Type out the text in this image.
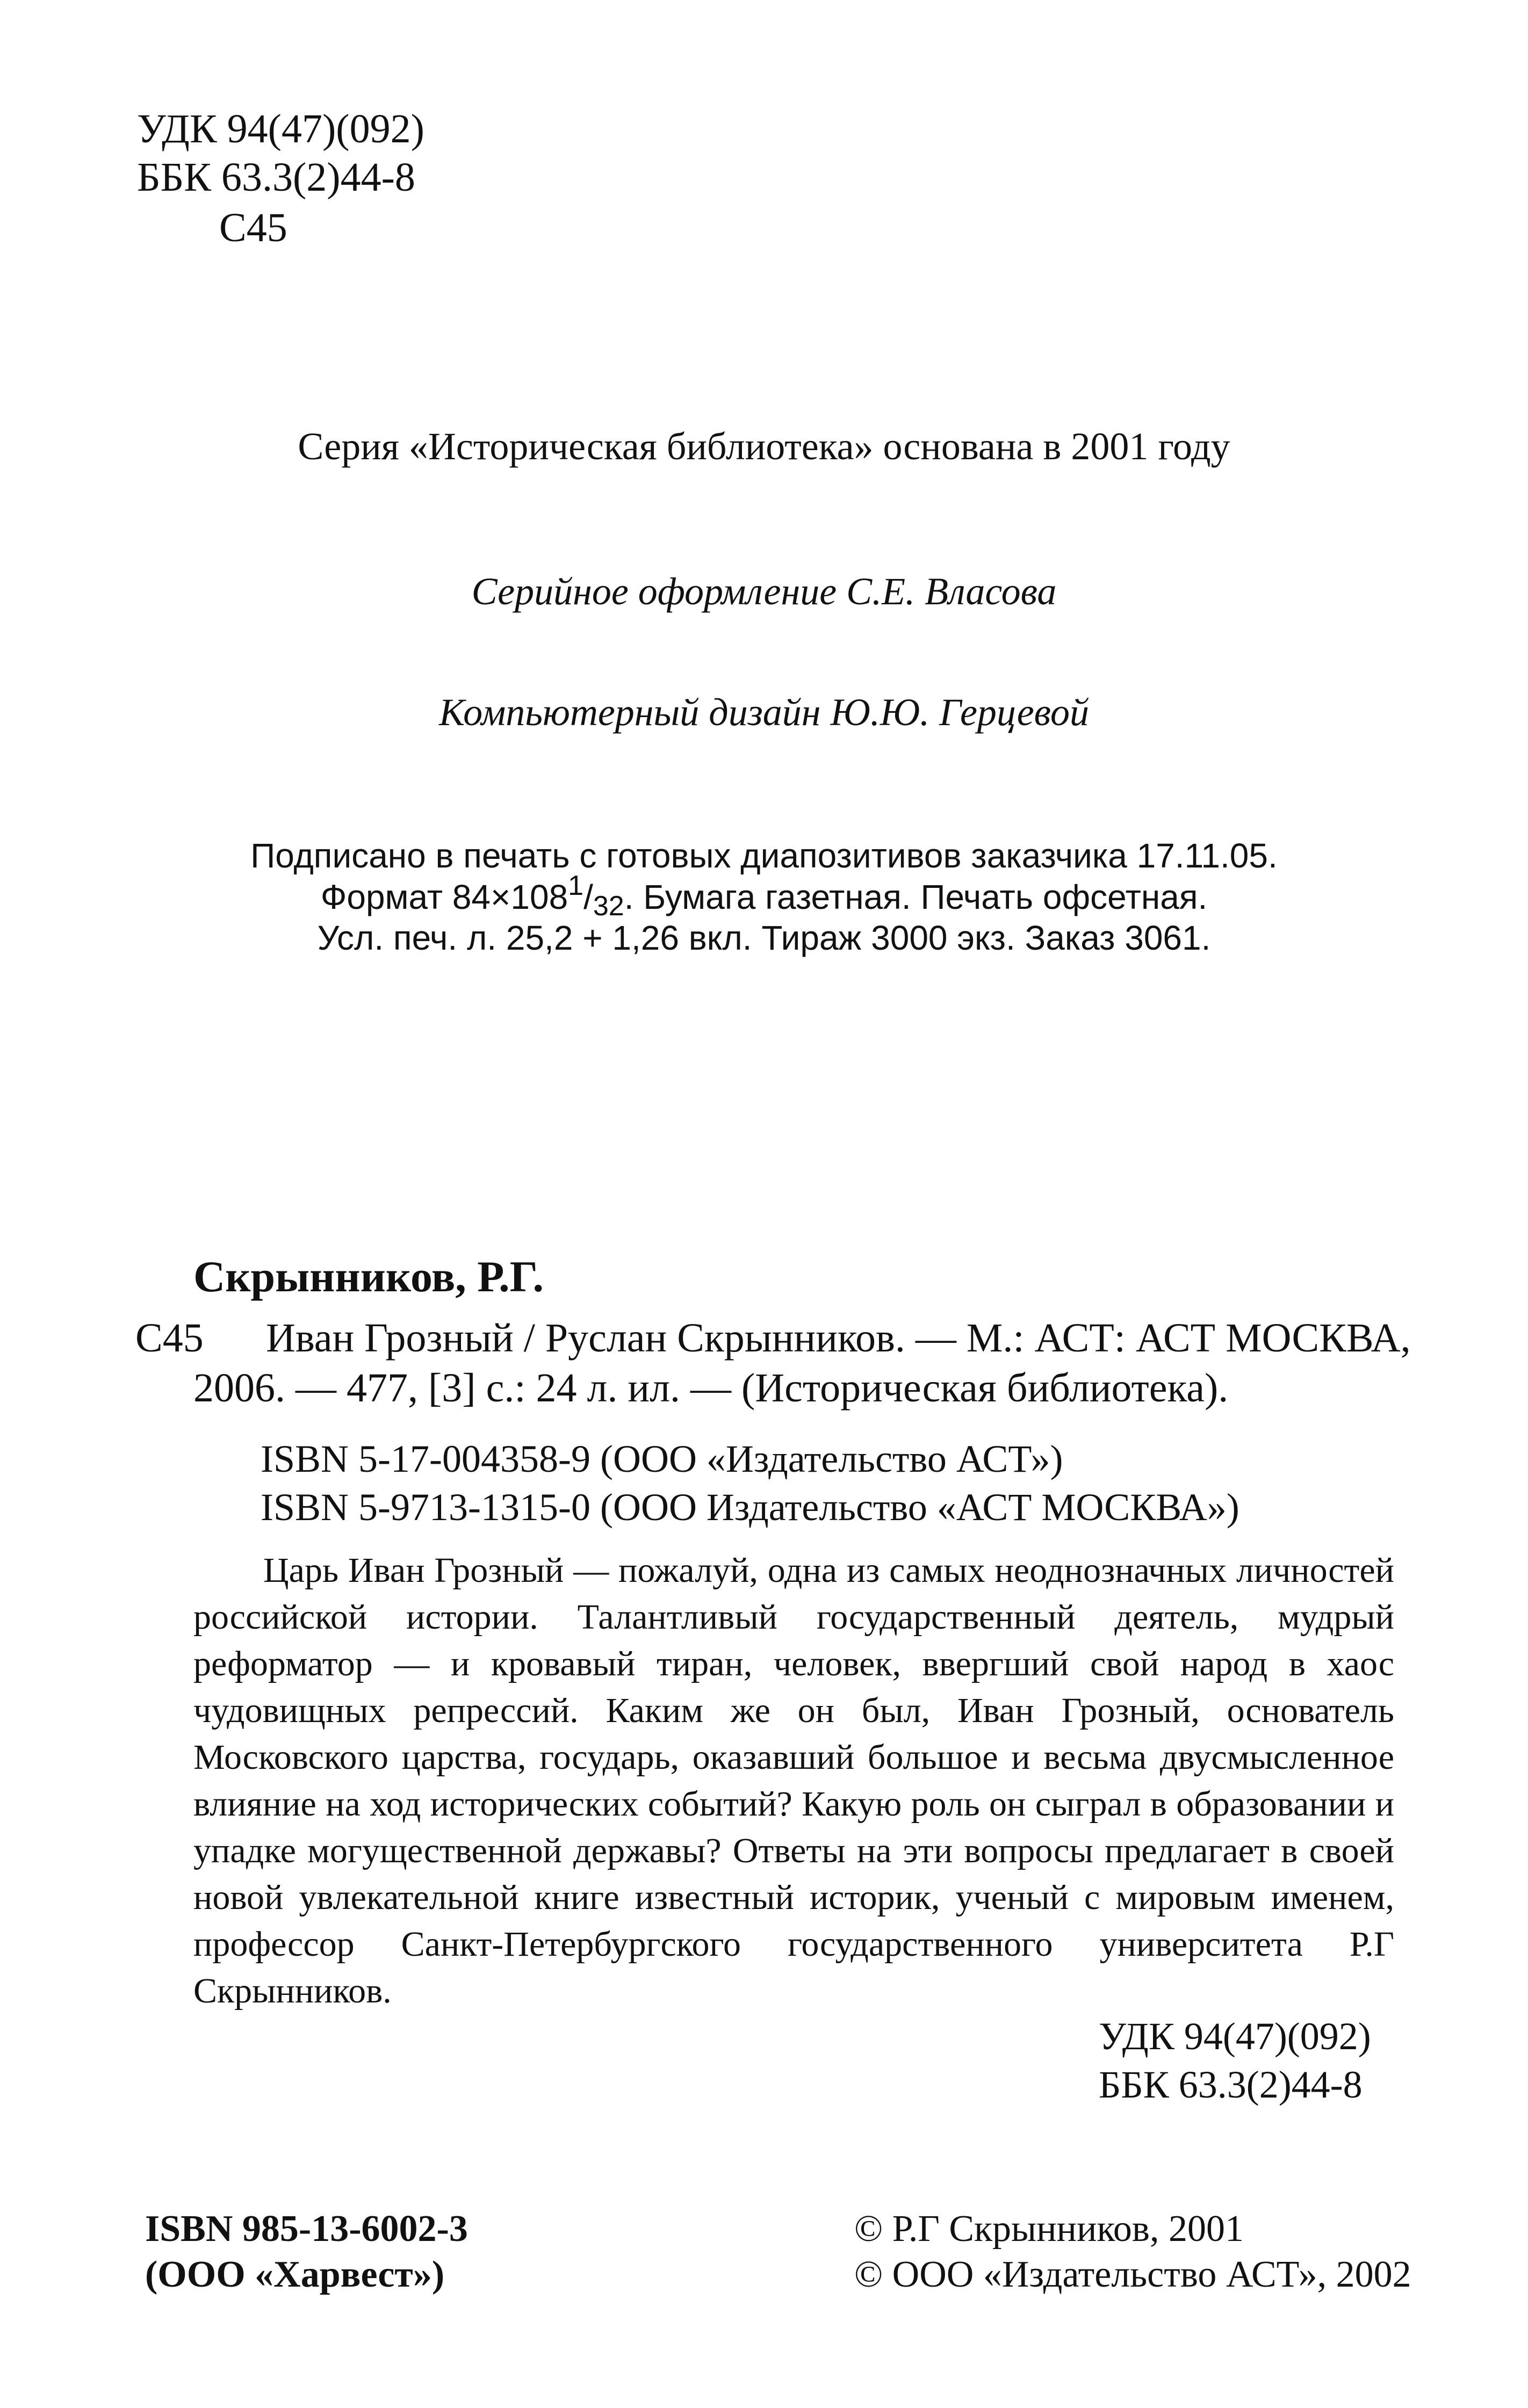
УДК 94(47)(092)
ББК 63.3(2)44-8
С45
Серия «Историческая библиотека» основана в 2001 году
Серийное оформление С.Е. Власова
Компьютерный дизайн Ю.Ю. Герцевой
Подписано в печать с готовых диапозитивов заказчика 17.11.05.
Формат $84\times 108^1/_{32}$. Бумага газетная. Печать офсетная.
Усл. печ. л. 25,2 + 1,26 вкл. Тираж 3000 экз. Заказ 3061.
Скрынников, Р.Г.
С45 Иван Грозный / Руслан Скрынников. — М.: АСТ: АСТ МОСКВА,
2006. — 477, [3] с.: 24 л. ил. — (Историческая библиотека).
ISBN 5-17-004358-9 (ООО «Издательство АСТ»)
ISBN 5-9713-1315-0 (ООО Издательство «АСТ МОСКВА»)
Царь Иван Грозный — пожалуй, одна из самых неоднозначных личностей российской истории. Талантливый государственный деятель, мудрый реформатор — и кровавый тиран, человек, ввергший свой народ в хаос чудовищных репрессий. Каким же он был, Иван Грозный, основатель Московского царства, государь, оказавший большое и весьма двусмысленное влияние на ход исторических событий? Какую роль он сыграл в образовании и упадке могущественной державы? Ответы на эти вопросы предлагает в своей новой увлекательной книге известный историк, ученый с мировым именем, профессор Санкт-Петербургского государственного университета Р.Г Скрынников.
УДК 94(47)(092)
ББК 63.3(2)44-8
ISBN 985-13-6002-3
(ООО «Харвест»)
© Р.Г Скрынников, 2001
© ООО «Издательство АСТ», 2002
